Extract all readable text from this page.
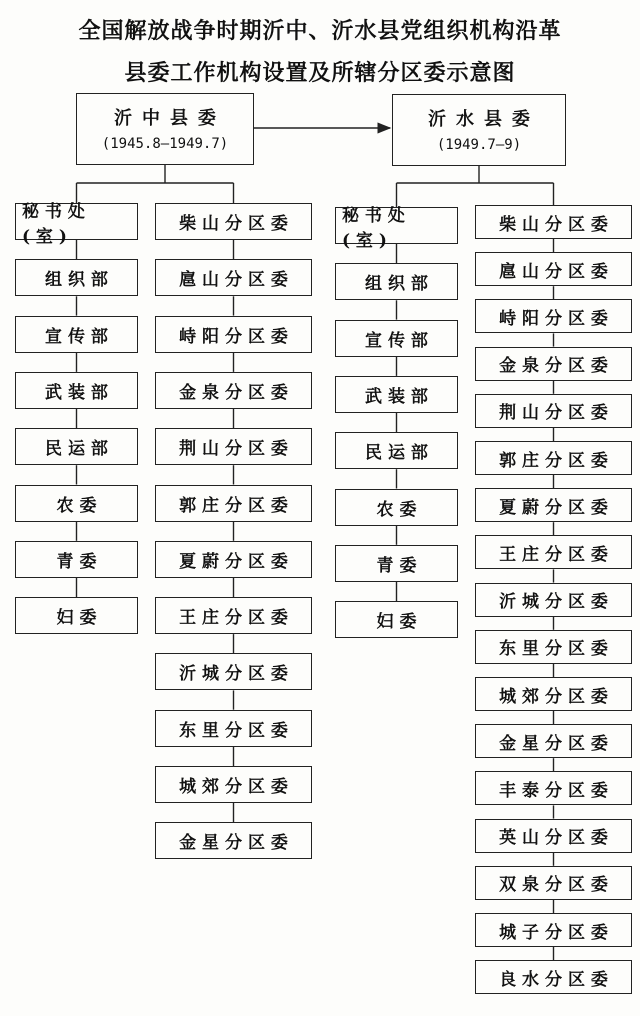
全国解放战争时期沂中、沂水县党组织机构沿革
县委工作机构设置及所辖分区委示意图
沂中县委
(1945.8—1949.7)
沂水县委
(1949.7—9)
秘书处(室)
组织部
宣传部
武装部
民运部
农委
青委
妇委
柴山分区委
扈山分区委
峙阳分区委
金泉分区委
荆山分区委
郭庄分区委
夏蔚分区委
王庄分区委
沂城分区委
东里分区委
城郊分区委
金星分区委
秘书处(室)
组织部
宣传部
武装部
民运部
农委
青委
妇委
柴山分区委
扈山分区委
峙阳分区委
金泉分区委
荆山分区委
郭庄分区委
夏蔚分区委
王庄分区委
沂城分区委
东里分区委
城郊分区委
金星分区委
丰泰分区委
英山分区委
双泉分区委
城子分区委
良水分区委
